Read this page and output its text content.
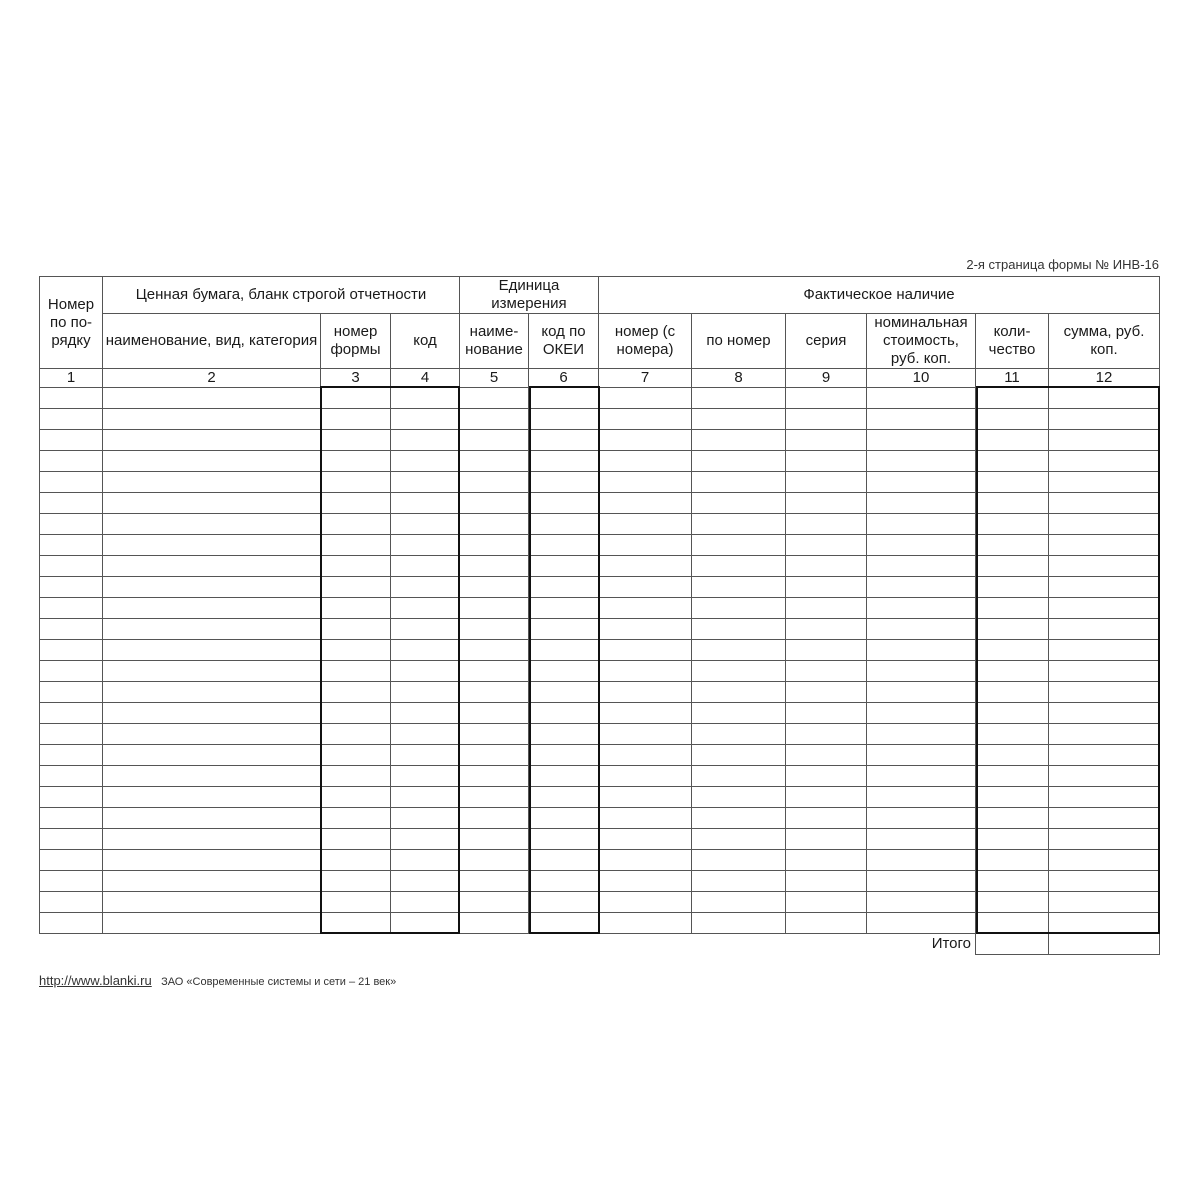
2-я страница формы № ИНВ-16
Номер по по-рядку	Ценная бумага, бланк строгой отчетности			Единица измерения		Фактическое наличие					
	наименование, вид, категория	номер формы	код	наиме-нование	код по ОКЕИ	номер (с номера)	по номер	серия	номинальная стоимость, руб. коп.	коли-чество	сумма, руб. коп.
1	2	3	4	5	6	7	8	9	10	11	12

									Итого		
http://www.blanki.ru ЗАО «Современные системы и сети – 21 век»
